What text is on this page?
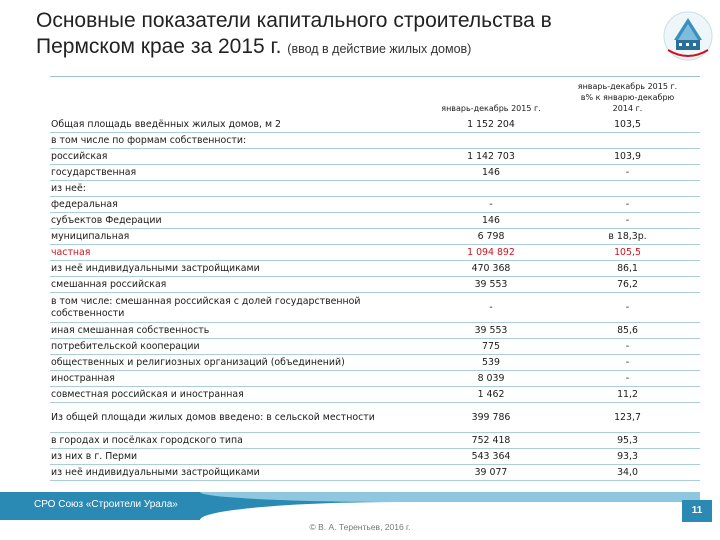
Основные показатели капитального строительства в
Пермском крае за 2015 г. (ввод в действие жилых домов)
	январь-декабрь 2015 г.	январь-декабрь 2015 г.
в% к январю-декабрю
2014 г.
Общая площадь введённых жилых домов, м 2	1 152 204	103,5
в том числе по формам собственности:		
российская	1 142 703	103,9
государственная	146	-
из неё:		
федеральная	-	-
субъектов Федерации	146	-
муниципальная	6 798	в 18,3р.
частная	1 094 892	105,5
из неё индивидуальными застройщиками	470 368	86,1
смешанная российская	39 553	76,2
в том числе: смешанная российская с долей государственной собственности	-	-
иная смешанная собственность	39 553	85,6
потребительской кооперации	775	-
общественных и религиозных организаций (объединений)	539	-
иностранная	8 039	-
совместная российская и иностранная	1 462	11,2
Из общей площади жилых домов введено: в сельской местности	399 786	123,7
в городах и посёлках городского типа	752 418	95,3
из них в г. Перми	543 364	93,3
из неё индивидуальными застройщиками	39 077	34,0
СРО Союз «Строители Урала»
11
© В. А. Терентьев, 2016 г.
